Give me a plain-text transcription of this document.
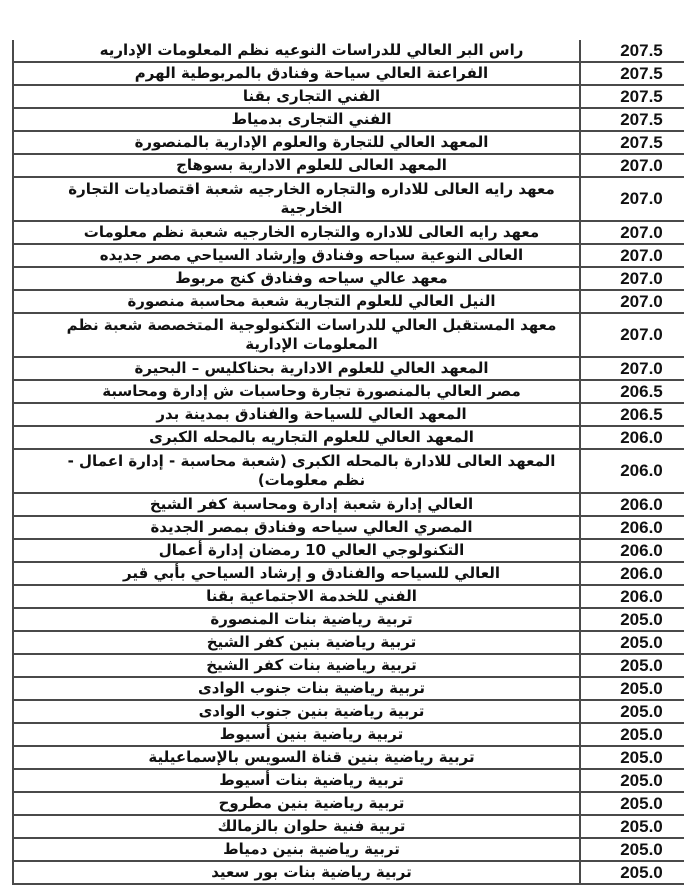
راس البر العالي للدراسات النوعيه نظم المعلومات الإداريه	207.5
الفراعنة العالي سياحة وفنادق بالمربوطية الهرم	207.5
الفني التجارى بقنا	207.5
الفني التجارى بدمياط	207.5
المعهد العالي للتجارة والعلوم الإدارية بالمنصورة	207.5
المعهد العالى للعلوم الادارية بسوهاج	207.0
معهد رايه العالى للاداره والتجاره الخارجيه شعبة اقتصاديات التجارة الخارجية	207.0
معهد رايه العالى للاداره والتجاره الخارجيه شعبة نظم معلومات	207.0
العالى النوعية سياحه وفنادق وإرشاد السياحي مصر جديده	207.0
معهد عالي سياحه وفنادق كنج مربوط	207.0
النيل العالي للعلوم التجارية شعبة محاسبة منصورة	207.0
معهد المستقبل العالي للدراسات التكنولوجية المتخصصة شعبة نظم المعلومات الإدارية	207.0
المعهد العالي للعلوم الادارية بحناكليس – البحيرة	207.0
مصر العالي بالمنصورة تجارة وحاسبات ش إدارة ومحاسبة	206.5
المعهد العالي للسياحة والفنادق بمدينة بدر	206.5
المعهد العالي للعلوم التجاريه بالمحله الكبرى	206.0
المعهد العالى للادارة بالمحله الكبرى (شعبة محاسبة - إدارة اعمال - نظم معلومات)	206.0
العالي إدارة شعبة إدارة ومحاسبة كفر الشيخ	206.0
المصري العالي سياحه وفنادق بمصر الجديدة	206.0
التكنولوجي العالي 10 رمضان إدارة أعمال	206.0
العالي للسياحه والفنادق و إرشاد السياحي بأبي قير	206.0
الفني للخدمة الاجتماعية بقنا	206.0
تربية رياضية بنات المنصورة	205.0
تربية رياضية بنين كفر الشيخ	205.0
تربية رياضية بنات كفر الشيخ	205.0
تربية رياضية بنات جنوب الوادى	205.0
تربية رياضية بنين جنوب الوادى	205.0
تربية رياضية بنين أسيوط	205.0
تربية رياضية بنين قناة السويس بالإسماعيلية	205.0
تربية رياضية بنات أسيوط	205.0
تربية رياضية بنين مطروح	205.0
تربية فنية حلوان بالزمالك	205.0
تربية رياضية بنين دمياط	205.0
تربية رياضية بنات بور سعيد	205.0
